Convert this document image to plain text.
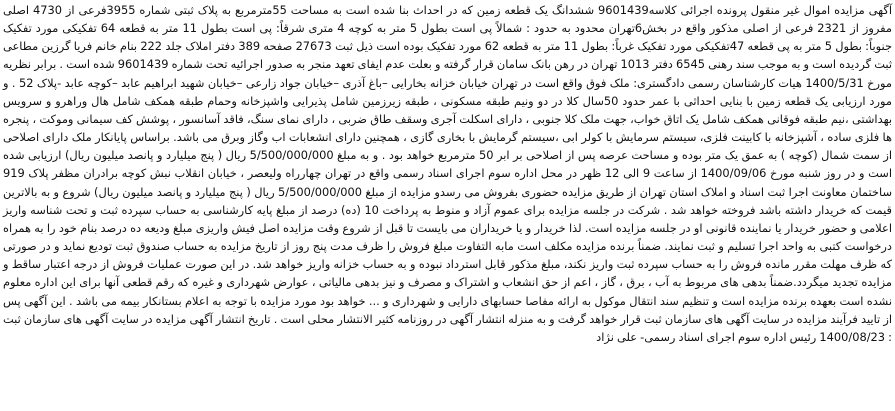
آگهی مزایده اموال غیر منقول پرونده اجرائی کلاسه9601439 ششدانگ یک قطعه زمین که در احداث بنا شده است به مساحت 55مترمربع به پلاک ثبتی شماره 3955فرعی از 4730 اصلی مفروز از 2321 فرعی از اصلی مذکور واقع در بخش6تهران محدود به حدود : شمالاً پی است بطول 5 متر به کوچه 4 متری شرقاً: پی است بطول 11 متر به قطعه 64 تفکیکی مورد تفکیک جنوباً: بطول 5 متر به پی قطعه 47تفکیکی مورد تفکیک غرباً: بطول 11 متر به قطعه 62 مورد تفکیک بوده است ذیل ثبت 27673 صفحه 389 دفتر املاک جلد 222 بنام خانم فریا گرزین مطاعی ثبت گردیده است و به موجب سند رهنی 6545 دفتر 1013 تهران در رهن بانک سامان قرار گرفته و بعلت عدم ایفای تعهد منجر به صدور اجرائیه تحت شماره 9601439 شده است . برابر نظریه مورخ 1400/5/31 هیات کارشناسان رسمی دادگستری: ملک فوق واقع است در تهران خیابان خزانه بخارایی –باغ آذری –خیابان جواد زارعی –خیابان شهید ابراهیم عابد –کوچه عابد -پلاک 52 . و مورد ارزیابی یک قطعه زمین با بنایی احداثی با عمر حدود 50سال کلا در دو ونیم طبقه مسکونی ، طبقه زیرزمین شامل پذیرایی واشپزخانه وحمام طبقه همکف شامل هال وراهرو و سرویس بهداشتی ،نیم طبقه فوقانی همکف شامل یک اتاق خواب، جهت ملک کلا جنوبی ، دارای اسکلت آجری وسقف طاق ضربی ، دارای نمای سنگ، فاقد آسانسور ، پوشش کف سیمانی وموکت ، پنجره ها فلزی ساده ، آشپزخانه با کابینت فلزی، سیستم سرمایش با کولر ابی ،سیستم گرمایش با بخاری گازی ، همچنین دارای انشعابات اب وگاز وبرق می باشد. براساس پایانکار ملک دارای اصلاحی از سمت شمال (کوچه ) به عمق یک متر بوده و مساحت عرصه پس از اصلاحی بر ابر 50 مترمربع خواهد بود . و به مبلغ 5/500/000/000 ریال ( پنج میلیارد و پانصد میلیون ریال) ارزیابی شده است و در روز شنبه مورخ 1400/09/06 از ساعت 9 الی 12 ظهر در محل اداره سوم اجرای اسناد رسمی واقع در تهران چهارراه ولیعصر ، خیابان انقلاب نبش کوچه برادران مظفر پلاک 919 ساختمان معاونت اجرا ثبت اسناد و املاک استان تهران از طریق مزایده حضوری بفروش می رسدو مزایده از مبلغ 5/500/000/000 ریال ( پنج میلیارد و پانصد میلیون ریال) شروع و به بالاترین قیمت که خریدار داشته باشد فروخته خواهد شد . شرکت در جلسه مزایده برای عموم آزاد و منوط به پرداخت 10 (ده) درصد از مبلغ پایه کارشناسی به حساب سپرده ثبت و تحت شناسه واریز اعلامی و حضور خریدار یا نماینده قانونی او در جلسه مزایده است. لذا خریدار و یا خریداران می بایست تا قبل از شروع وقت مزایده اصل فیش واریزی مبلغ ودیعه ده درصد بنام خود را به همراه درخواست کتبی به واحد اجرا تسلیم و ثبت نمایند. ضمناً برنده مزایده مکلف است مابه التفاوت مبلغ فروش را ظرف مدت پنج روز از تاریخ مزایده به حساب صندوق ثبت تودیع نماید و در صورتی که ظرف مهلت مقرر مانده فروش را به حساب سپرده ثبت واریز نکند، مبلغ مذکور قابل استرداد نبوده و به حساب خزانه واریز خواهد شد. در این صورت عملیات فروش از درجه اعتبار ساقط و مزایده تجدید میگردد.ضمناً بدهی های مربوط به آب ، برق ، گاز ، اعم از حق انشعاب و اشتراک و مصرف و نیز بدهی مالیاتی ، عوارض شهرداری و غیره که رقم قطعی آنها برای این اداره معلوم نشده است بعهده برنده مزایده است و تنظیم سند انتقال موکول به ارائه مفاصا حسابهای دارایی و شهرداری و ... خواهد بود مورد مزایده با توجه به اعلام بستانکار بیمه می باشد . این آگهی پس از تایید فرآیند مزایده در سایت آگهی های سازمان ثبت قرار خواهد گرفت و به منزله انتشار آگهی در روزنامه کثیر الانتشار محلی است . تاریخ انتشار آگهی مزایده در سایت آگهی های سازمان ثبت : 1400/08/23 رئیس اداره سوم اجرای اسناد رسمی- علی نژاد
